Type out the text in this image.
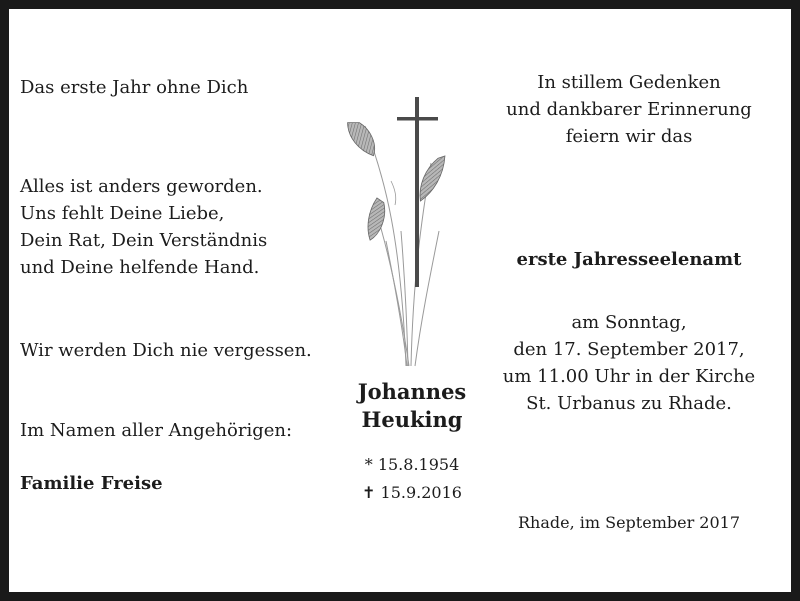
Das erste Jahr ohne Dich
Alles ist anders geworden.
Uns fehlt Deine Liebe,
Dein Rat, Dein Verständnis
und Deine helfende Hand.
Wir werden Dich nie vergessen.
Im Namen aller Angehörigen:
Familie Freise
Johannes
Heuking
* 15.8.1954
✝ 15.9.2016
In stillem Gedenken
und dankbarer Erinnerung
feiern wir das
erste Jahresseelenamt
am Sonntag,
den 17. September 2017,
um 11.00 Uhr in der Kirche
St. Urbanus zu Rhade.
Rhade, im September 2017
